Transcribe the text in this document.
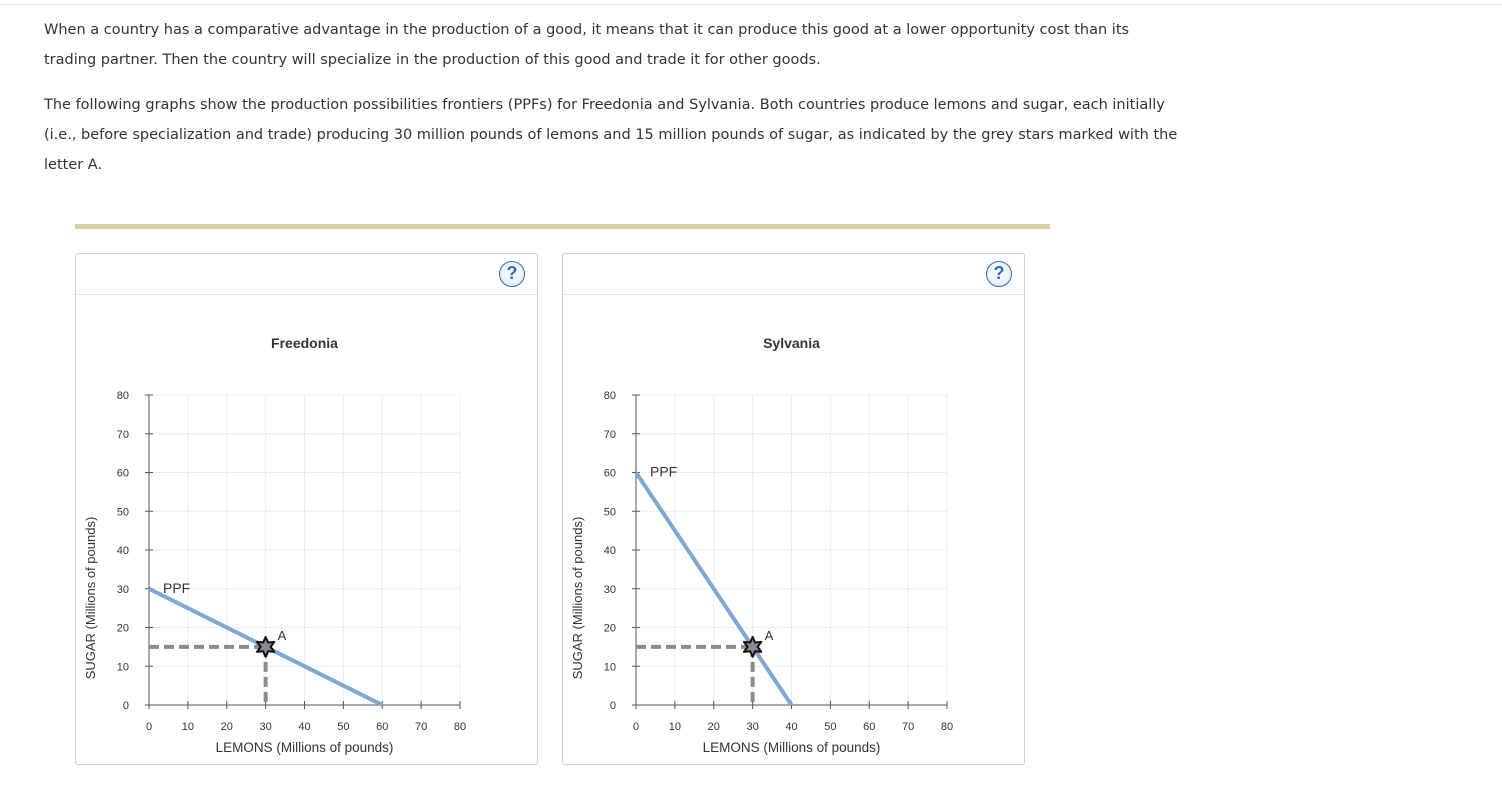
When a country has a comparative advantage in the production of a good, it means that it can produce this good at a lower opportunity cost than its trading partner. Then the country will specialize in the production of this good and trade it for other goods.

The following graphs show the production possibilities frontiers (PPFs) for Freedonia and Sylvania. Both countries produce lemons and sugar, each initially (i.e., before specialization and trade) producing 30 million pounds of lemons and 15 million pounds of sugar, as indicated by the grey stars marked with the letter A.

?
Freedonia
0	10 20 30 40 50 60 70 80
0
10
20
30
40
50
60
70
80
LEMONS (Millions of pounds)
SUGAR (Millions of pounds)	PPF
A
?
Sylvania
0	10 20 30 40 50 60 70 80
0
10
20
30
40
50
60
70
80
LEMONS (Millions of pounds)
SUGAR (Millions of pounds)
PPF
A
